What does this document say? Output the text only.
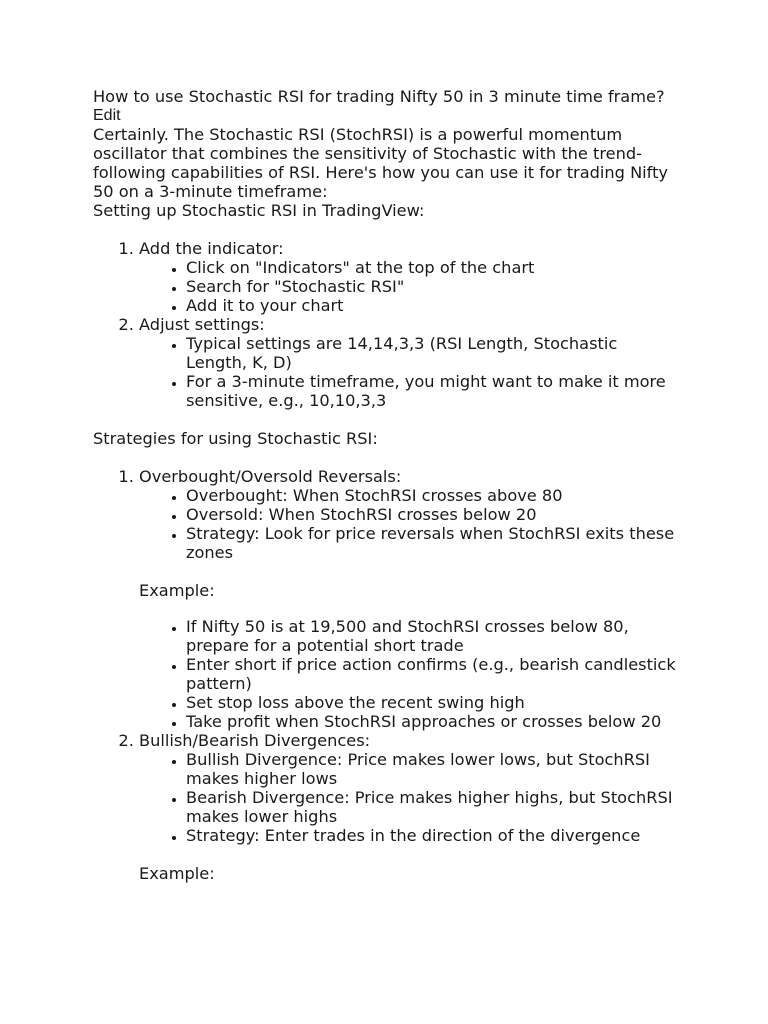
How to use Stochastic RSI for trading Nifty 50 in 3 minute time frame?

Edit

Certainly. The Stochastic RSI (StochRSI) is a powerful momentum oscillator that combines the sensitivity of Stochastic with the trend-following capabilities of RSI. Here's how you can use it for trading Nifty 50 on a 3-minute timeframe:

Setting up Stochastic RSI in TradingView:

1. Add the indicator:
• Click on "Indicators" at the top of the chart
• Search for "Stochastic RSI"
• Add it to your chart
2. Adjust settings:
• Typical settings are 14,14,3,3 (RSI Length, Stochastic Length, K, D)
• For a 3-minute timeframe, you might want to make it more sensitive, e.g., 10,10,3,3

Strategies for using Stochastic RSI:

1. Overbought/Oversold Reversals:
• Overbought: When StochRSI crosses above 80
• Oversold: When StochRSI crosses below 20
• Strategy: Look for price reversals when StochRSI exits these zones

Example:

• If Nifty 50 is at 19,500 and StochRSI crosses below 80, prepare for a potential short trade
• Enter short if price action confirms (e.g., bearish candlestick pattern)
• Set stop loss above the recent swing high
• Take profit when StochRSI approaches or crosses below 20
2. Bullish/Bearish Divergences:
• Bullish Divergence: Price makes lower lows, but StochRSI makes higher lows
• Bearish Divergence: Price makes higher highs, but StochRSI makes lower highs
• Strategy: Enter trades in the direction of the divergence

Example:
